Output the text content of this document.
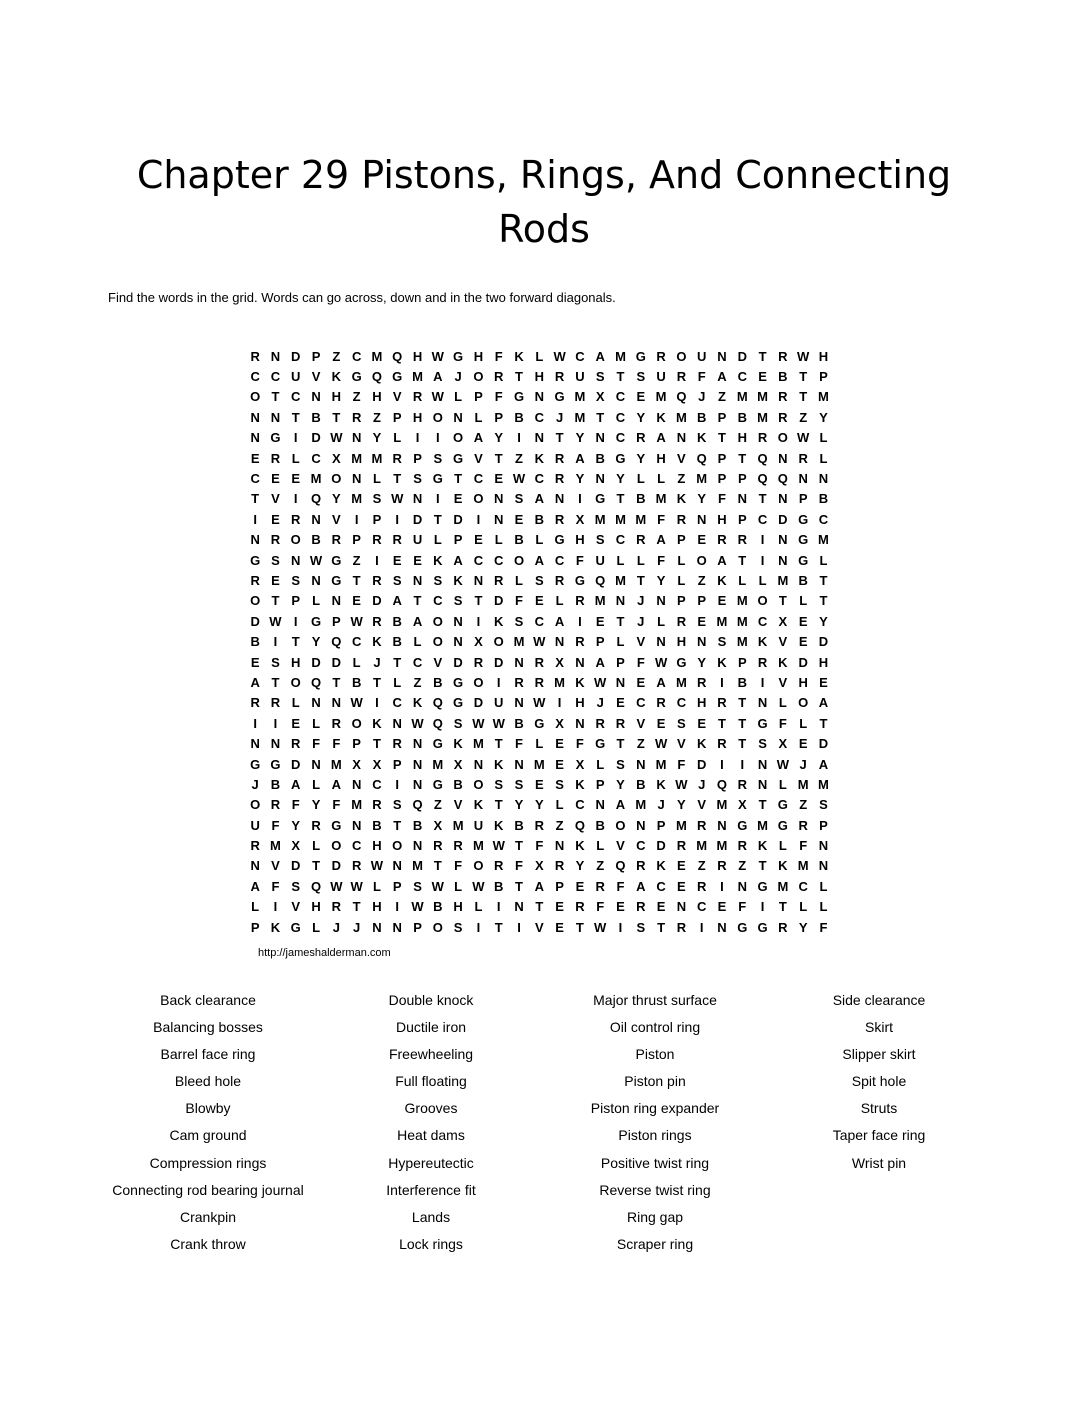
Chapter 29 Pistons, Rings, And Connecting Rods

Find the words in the grid. Words can go across, down and in the two forward diagonals.

R N D P Z C M Q H W G H F K L W C A M G R O U N D T R W H
C C U V K G Q G M A J O R T H R U S T S U R F A C E B T P
O T C N H Z H V R W L P F G N G M X C E M Q J Z M M R T M
N N T B T R Z P H O N L P B C J M T C Y K M B P B M R Z Y
N G	I	D W N Y L	I	I	O A Y	I	N T Y N C R A N K T H R O W L
E R L C X M M R P S G V T Z K R A B G Y H V Q P T Q N R L
C E E M O N L T S G T C E W C R Y N Y L L Z M P P Q Q N N
T V	I	Q Y M S W N	I	E O N S A N	I	G T B M K Y F N T N P B
I	E R N V	I	P	I	D T D	I	N E B R X M M M F R N H P C D G C
N R O B R P R R U L P E L B L G H S C R A P E R R	I	N G M
G S N W G Z	I	E E K A C C O A C F U L L F L O A T	I	N G L
R E S N G T R S N S K N R L S R G Q M T Y L Z K L L M B T
O T P L N E D A T C S T D F E L R M N J N P P E M O T L T
D W I	G P W R B A O N	I	K S C A	I	E T J L R E M M C X E Y
B	I	T Y Q C K B L O N X O M W N R P L V N H N S M K V E D
E S H D D L J T C V D R D N R X N A P F W G Y K P R K D H
A T O Q T B T L Z B G O	I	R R M K W N E A M R	I	B	I	V H E
R R L N N W I	C K Q G D U N W I	H J E C R C H R T N L O A
I	I	E L R O K N W Q S W W B G X N R R V E S E T T G F L T
N N R F F P T R N G K M T F L E F G T Z W V K R T S X E D
G G D N M X X P N M X N K N M E X L S N M F D	I	I	N W J A
J B A L A N C	I	N G B O S S E S K P Y B K W J Q R N L M M
O R F Y F M R S Q Z V K T Y Y L C N A M J Y V M X T G Z S
U F Y R G N B T B X M U K B R Z Q B O N P M R N G M G R P
R M X L O C H O N R R M W T F N K L V C D R M M R K L F N
N V D T D R W N M T F O R F X R Y Z Q R K E Z R Z T K M N
A F S Q W W L P S W L W B T A P E R F A C E R	I	N G M C L
L	I	V H R T H	I W B H L	I	N T E R F E R E N C E F	I	T L L
P K G L J	J N N P O S	I	T	I	V E T W I	S T R	I	N G G R Y F

http://jameshalderman.com

Back clearance
Balancing bosses
Barrel face ring
Bleed hole
Blowby
Cam ground
Compression rings
Connecting rod bearing journal
Crankpin
Crank throw
Double knock
Ductile iron
Freewheeling
Full floating
Grooves
Heat dams
Hypereutectic
Interference fit
Lands
Lock rings
Major thrust surface
Oil control ring
Piston
Piston pin
Piston ring expander
Piston rings
Positive twist ring
Reverse twist ring
Ring gap
Scraper ring
Side clearance
Skirt
Slipper skirt
Spit hole
Struts
Taper face ring
Wrist pin
